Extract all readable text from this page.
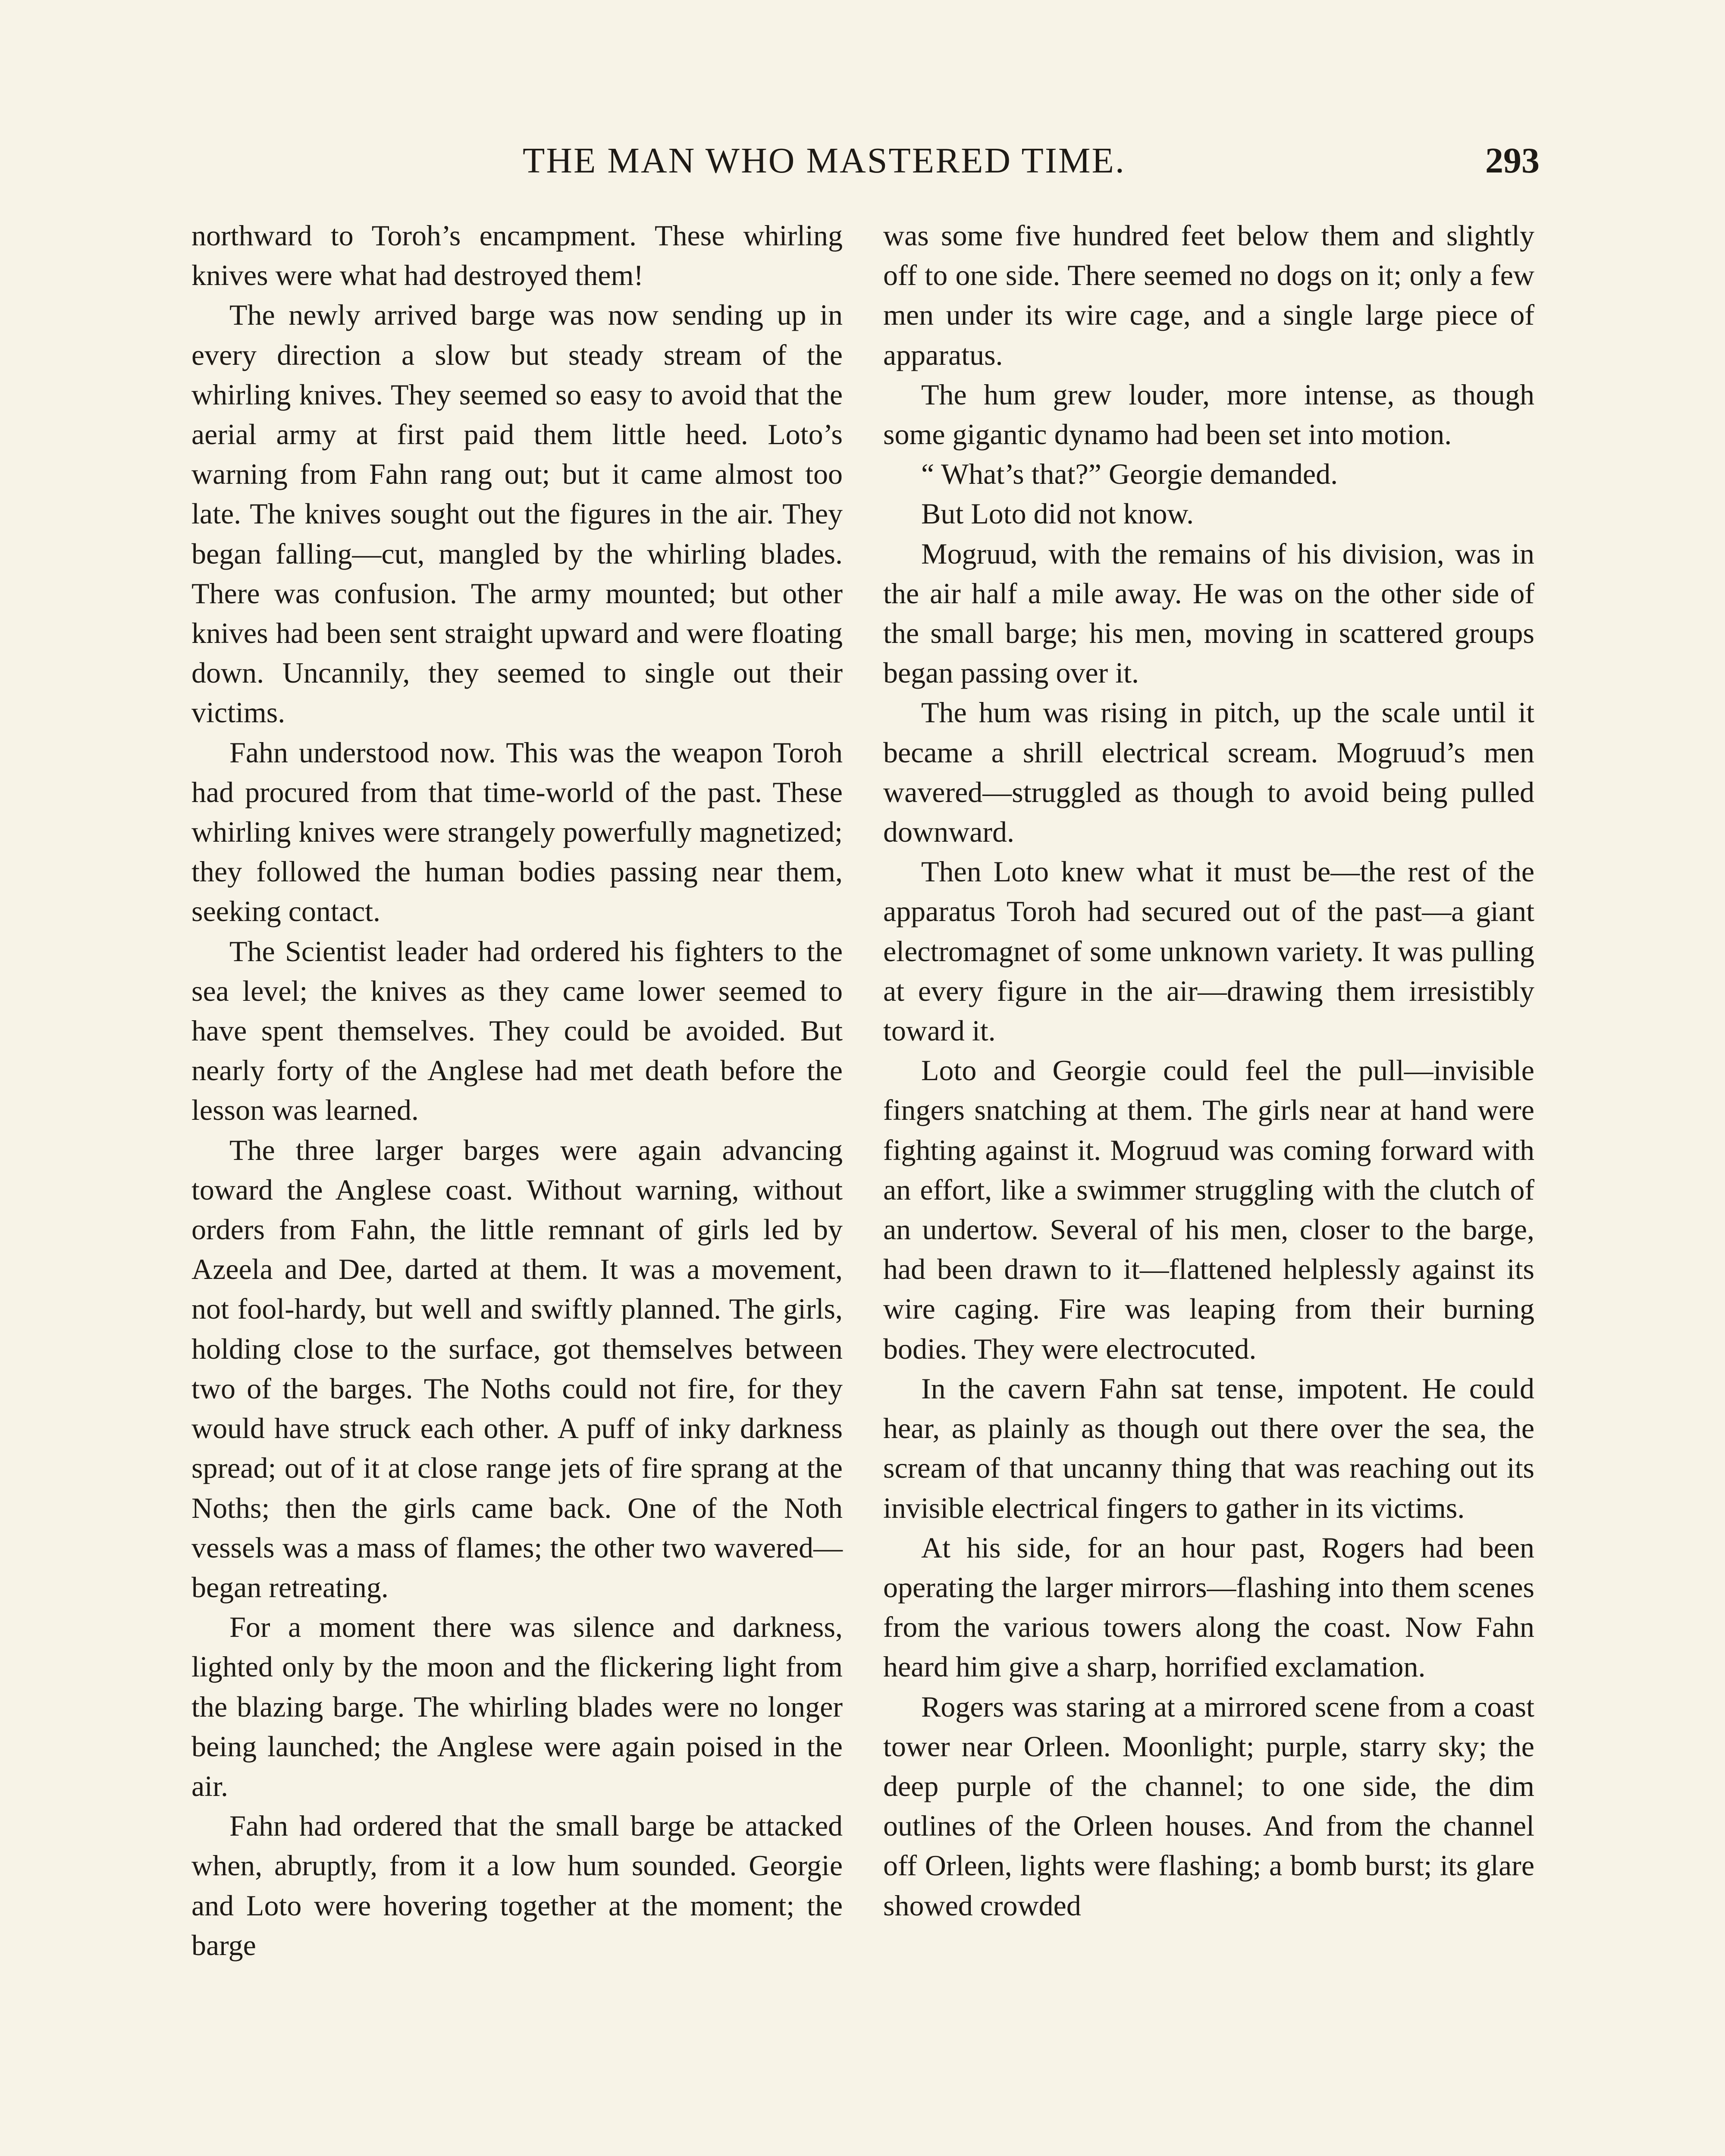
THE MAN WHO MASTERED TIME.	293

northward to Toroh’s encampment. These whirling knives were what had destroyed them!

The newly arrived barge was now sending up in every direction a slow but steady stream of the whirling knives. They seemed so easy to avoid that the aerial army at first paid them little heed. Loto’s warning from Fahn rang out; but it came almost too late. The knives sought out the figures in the air. They began falling—cut, mangled by the whirling blades. There was confusion. The army mounted; but other knives had been sent straight upward and were floating down. Uncannily, they seemed to single out their victims.

Fahn understood now. This was the weapon Toroh had procured from that time-world of the past. These whirling knives were strangely powerfully magnetized; they followed the human bodies passing near them, seeking contact.

The Scientist leader had ordered his fighters to the sea level; the knives as they came lower seemed to have spent themselves. They could be avoided. But nearly forty of the Anglese had met death before the lesson was learned.

The three larger barges were again advancing toward the Anglese coast. Without warning, without orders from Fahn, the little remnant of girls led by Azeela and Dee, darted at them. It was a movement, not fool-hardy, but well and swiftly planned. The girls, holding close to the surface, got themselves between two of the barges. The Noths could not fire, for they would have struck each other. A puff of inky darkness spread; out of it at close range jets of fire sprang at the Noths; then the girls came back. One of the Noth vessels was a mass of flames; the other two wavered—began retreating.

For a moment there was silence and darkness, lighted only by the moon and the flickering light from the blazing barge. The whirling blades were no longer being launched; the Anglese were again poised in the air.

Fahn had ordered that the small barge be attacked when, abruptly, from it a low hum sounded. Georgie and Loto were hovering together at the moment; the barge

was some five hundred feet below them and slightly off to one side. There seemed no dogs on it; only a few men under its wire cage, and a single large piece of apparatus.

The hum grew louder, more intense, as though some gigantic dynamo had been set into motion.

“ What’s that?” Georgie demanded.

But Loto did not know.

Mogruud, with the remains of his division, was in the air half a mile away. He was on the other side of the small barge; his men, moving in scattered groups began passing over it.

The hum was rising in pitch, up the scale until it became a shrill electrical scream. Mogruud’s men wavered—struggled as though to avoid being pulled downward.

Then Loto knew what it must be—the rest of the apparatus Toroh had secured out of the past—a giant electromagnet of some unknown variety. It was pulling at every figure in the air—drawing them irresistibly toward it.

Loto and Georgie could feel the pull—invisible fingers snatching at them. The girls near at hand were fighting against it. Mogruud was coming forward with an effort, like a swimmer struggling with the clutch of an undertow. Several of his men, closer to the barge, had been drawn to it—flattened helplessly against its wire caging. Fire was leaping from their burning bodies. They were electrocuted.

In the cavern Fahn sat tense, impotent. He could hear, as plainly as though out there over the sea, the scream of that uncanny thing that was reaching out its invisible electrical fingers to gather in its victims.

At his side, for an hour past, Rogers had been operating the larger mirrors—flashing into them scenes from the various towers along the coast. Now Fahn heard him give a sharp, horrified exclamation.

Rogers was staring at a mirrored scene from a coast tower near Orleen. Moonlight; purple, starry sky; the deep purple of the channel; to one side, the dim outlines of the Orleen houses. And from the channel off Orleen, lights were flashing; a bomb burst; its glare showed crowded
